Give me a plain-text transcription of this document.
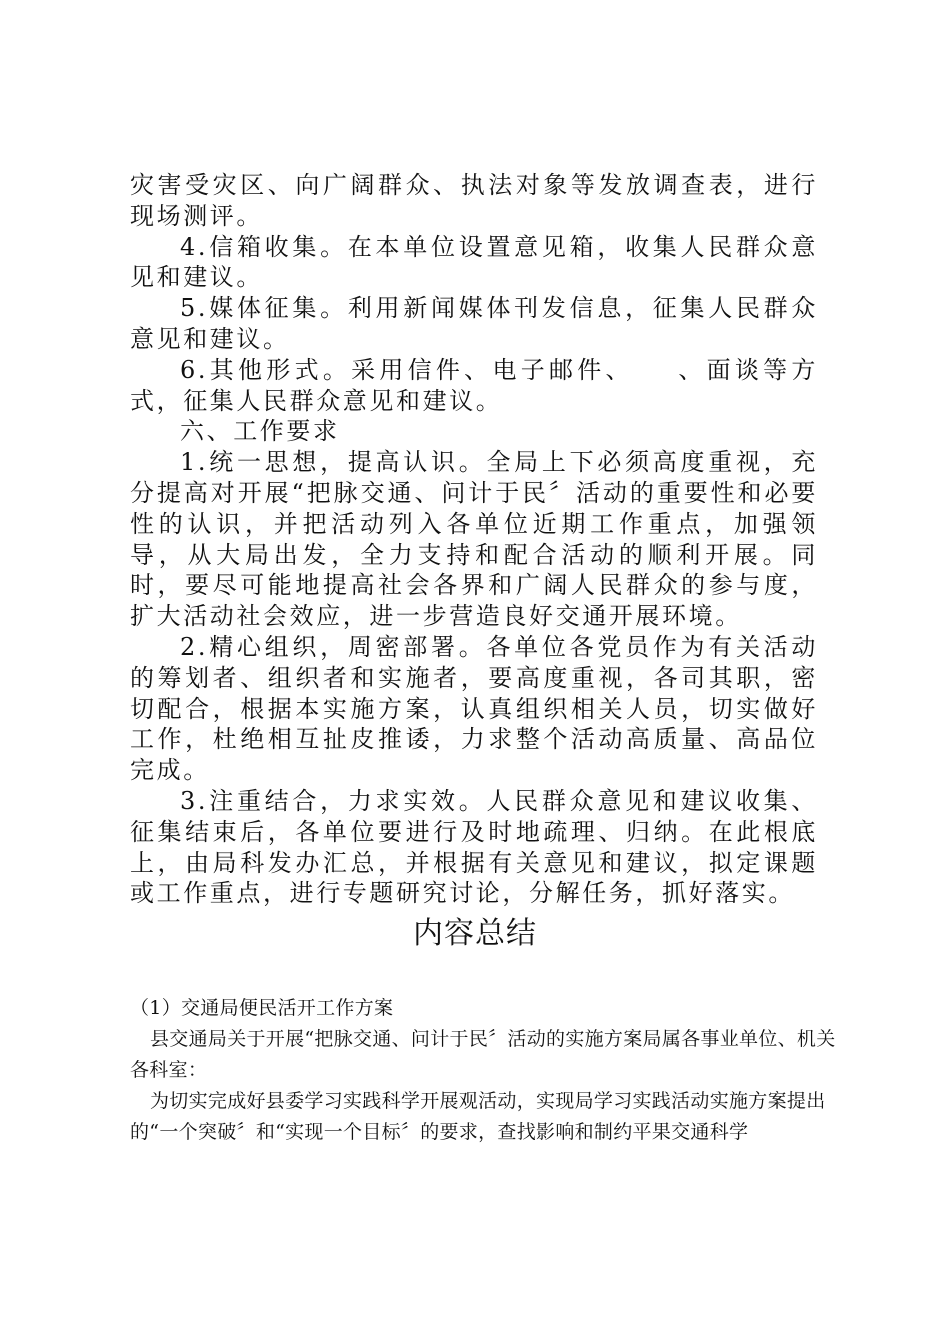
灾害受灾区、向广阔群众、执法对象等发放调查表，进行现场测评。

4.信箱收集。在本单位设置意见箱，收集人民群众意见和建议。

5.媒体征集。利用新闻媒体刊发信息，征集人民群众意见和建议。

6.其他形式。采用信件、电子邮件、　　、面谈等方式，征集人民群众意见和建议。

六、工作要求

1.统一思想，提高认识。全局上下必须高度重视，充分提高对开展“把脉交通、问计于民〞活动的重要性和必要性的认识，并把活动列入各单位近期工作重点，加强领导，从大局出发，全力支持和配合活动的顺利开展。同时，要尽可能地提高社会各界和广阔人民群众的参与度，扩大活动社会效应，进一步营造良好交通开展环境。

2.精心组织，周密部署。各单位各党员作为有关活动的筹划者、组织者和实施者，要高度重视，各司其职，密切配合，根据本实施方案，认真组织相关人员，切实做好工作，杜绝相互扯皮推诿，力求整个活动高质量、高品位完成。

3.注重结合，力求实效。人民群众意见和建议收集、征集结束后，各单位要进行及时地疏理、归纳。在此根底上，由局科发办汇总，并根据有关意见和建议，拟定课题或工作重点，进行专题研究讨论，分解任务，抓好落实。

内容总结

（1）交通局便民活开工作方案

县交通局关于开展“把脉交通、问计于民〞活动的实施方案局属各事业单位、机关各科室：

为切实完成好县委学习实践科学开展观活动，实现局学习实践活动实施方案提出的“一个突破〞和“实现一个目标〞的要求，查找影响和制约平果交通科学
